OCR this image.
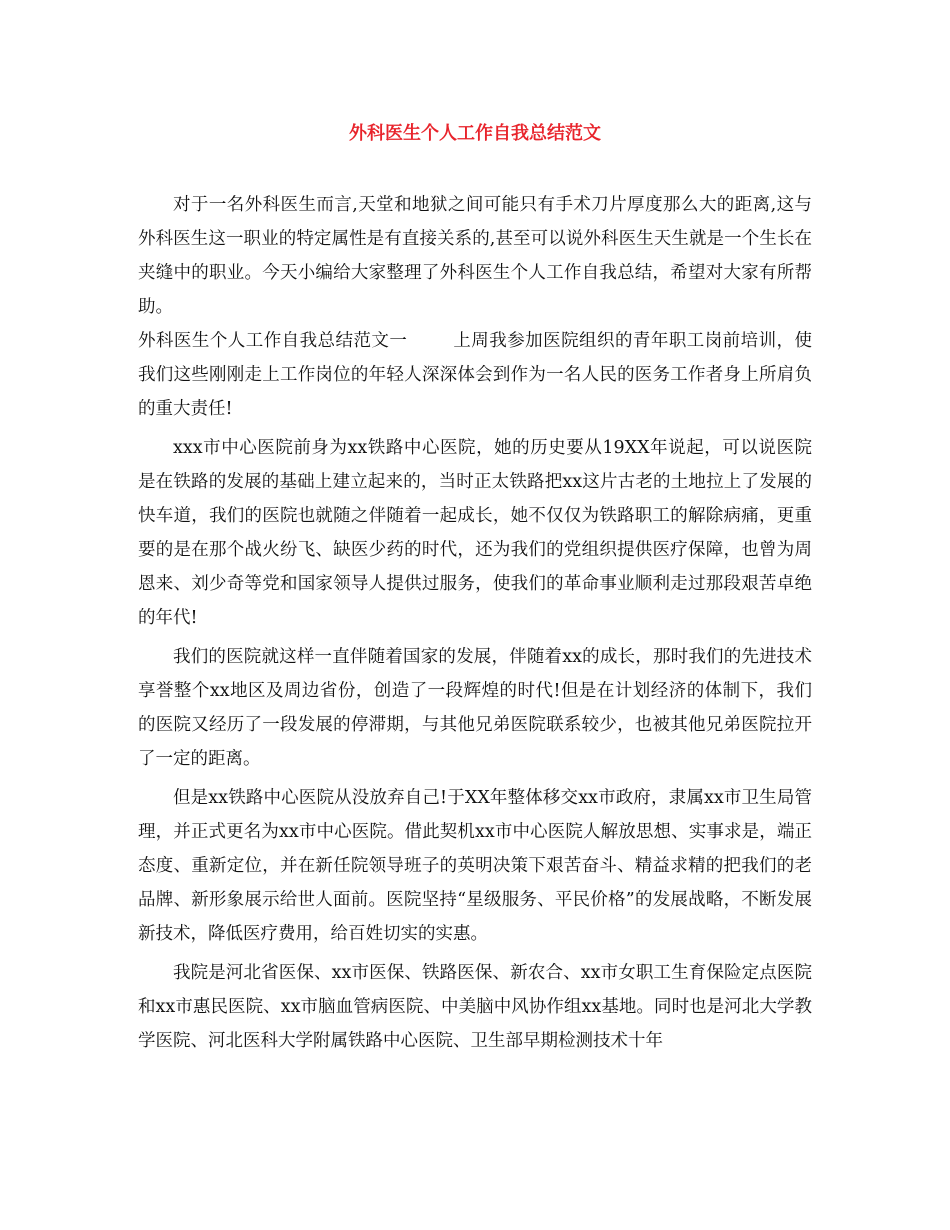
外科医生个人工作自我总结范文

对于一名外科医生而言,天堂和地狱之间可能只有手术刀片厚度那么大的距离,这与外科医生这一职业的特定属性是有直接关系的,甚至可以说外科医生天生就是一个生长在夹缝中的职业。今天小编给大家整理了外科医生个人工作自我总结，希望对大家有所帮助。

外科医生个人工作自我总结范文一	上周我参加医院组织的青年职工岗前培训，使我们这些刚刚走上工作岗位的年轻人深深体会到作为一名人民的医务工作者身上所肩负的重大责任!

xxx市中心医院前身为xx铁路中心医院，她的历史要从19XX年说起，可以说医院是在铁路的发展的基础上建立起来的，当时正太铁路把xx这片古老的土地拉上了发展的快车道，我们的医院也就随之伴随着一起成长，她不仅仅为铁路职工的解除病痛，更重要的是在那个战火纷飞、缺医少药的时代，还为我们的党组织提供医疗保障，也曾为周恩来、刘少奇等党和国家领导人提供过服务，使我们的革命事业顺利走过那段艰苦卓绝的年代!

我们的医院就这样一直伴随着国家的发展，伴随着xx的成长，那时我们的先进技术享誉整个xx地区及周边省份，创造了一段辉煌的时代!但是在计划经济的体制下，我们的医院又经历了一段发展的停滞期，与其他兄弟医院联系较少，也被其他兄弟医院拉开了一定的距离。

但是xx铁路中心医院从没放弃自己!于XX年整体移交xx市政府，隶属xx市卫生局管理，并正式更名为xx市中心医院。借此契机xx市中心医院人解放思想、实事求是，端正态度、重新定位，并在新任院领导班子的英明决策下艰苦奋斗、精益求精的把我们的老品牌、新形象展示给世人面前。医院坚持“星级服务、平民价格”的发展战略，不断发展新技术，降低医疗费用，给百姓切实的实惠。

我院是河北省医保、xx市医保、铁路医保、新农合、xx市女职工生育保险定点医院和xx市惠民医院、xx市脑血管病医院、中美脑中风协作组xx基地。同时也是河北大学教学医院、河北医科大学附属铁路中心医院、卫生部早期检测技术十年
